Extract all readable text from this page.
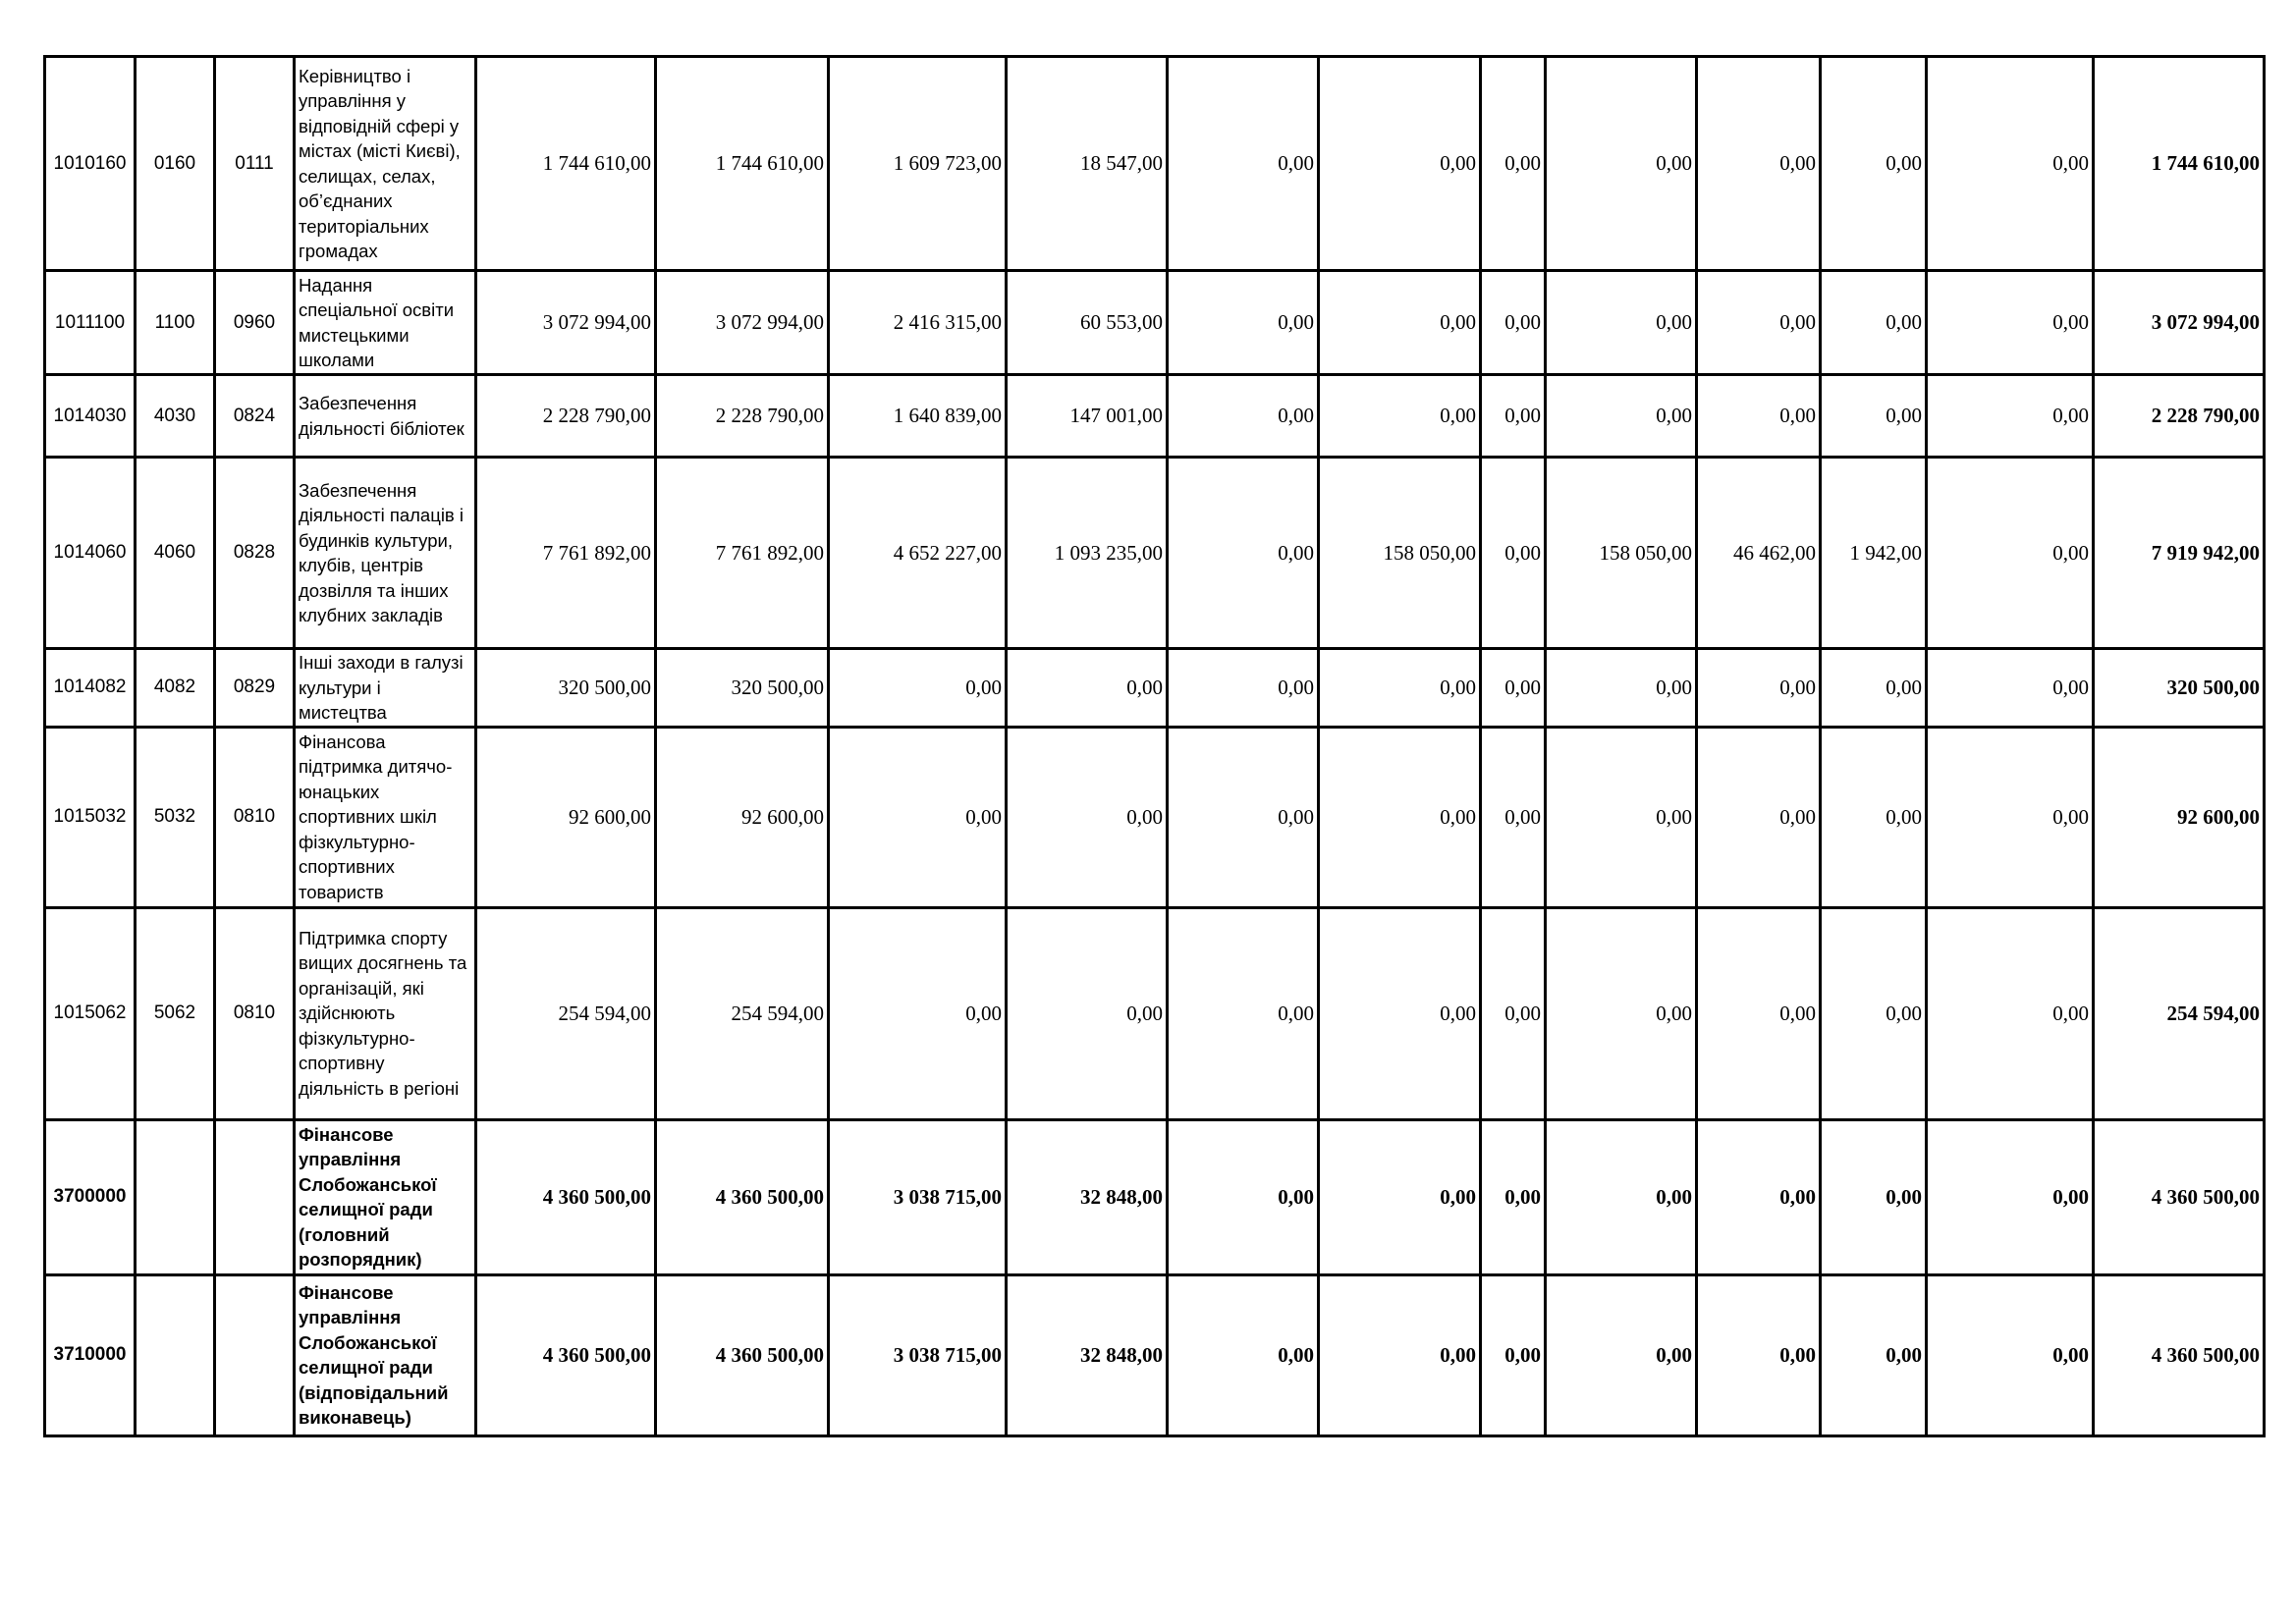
1010160	0160	0111	Керівництво і управління у відповідній сфері у містах (місті Києві), селищах, селах, об’єднаних територіальних громадах	1 744 610,00	1 744 610,00	1 609 723,00	18 547,00	0,00	0,00	0,00	0,00	0,00	0,00	0,00	1 744 610,00
1011100	1100	0960	Надання спеціальної освіти мистецькими школами	3 072 994,00	3 072 994,00	2 416 315,00	60 553,00	0,00	0,00	0,00	0,00	0,00	0,00	0,00	3 072 994,00
1014030	4030	0824	Забезпечення діяльності бібліотек	2 228 790,00	2 228 790,00	1 640 839,00	147 001,00	0,00	0,00	0,00	0,00	0,00	0,00	0,00	2 228 790,00
1014060	4060	0828	Забезпечення діяльності палаців і будинків культури, клубів, центрів дозвілля та інших клубних закладів	7 761 892,00	7 761 892,00	4 652 227,00	1 093 235,00	0,00	158 050,00	0,00	158 050,00	46 462,00	1 942,00	0,00	7 919 942,00
1014082	4082	0829	Інші заходи в галузі культури і мистецтва	320 500,00	320 500,00	0,00	0,00	0,00	0,00	0,00	0,00	0,00	0,00	0,00	320 500,00
1015032	5032	0810	Фінансова підтримка дитячо-юнацьких спортивних шкіл фізкультурно-спортивних товариств	92 600,00	92 600,00	0,00	0,00	0,00	0,00	0,00	0,00	0,00	0,00	0,00	92 600,00
1015062	5062	0810	Підтримка спорту вищих досягнень та організацій, які здійснюють фізкультурно-спортивну діяльність в регіоні	254 594,00	254 594,00	0,00	0,00	0,00	0,00	0,00	0,00	0,00	0,00	0,00	254 594,00
3700000			Фінансове управління Слобожанської селищної ради (головний розпорядник)	4 360 500,00	4 360 500,00	3 038 715,00	32 848,00	0,00	0,00	0,00	0,00	0,00	0,00	0,00	4 360 500,00
3710000			Фінансове управління Слобожанської селищної ради (відповідальний виконавець)	4 360 500,00	4 360 500,00	3 038 715,00	32 848,00	0,00	0,00	0,00	0,00	0,00	0,00	0,00	4 360 500,00
